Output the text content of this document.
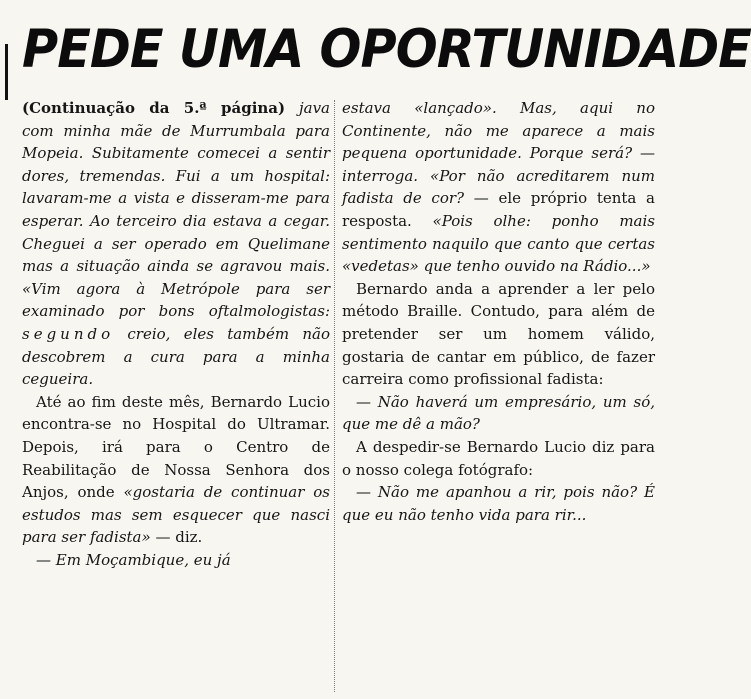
PEDE UMA OPORTUNIDADE

(Continuação da 5.ª página) java com minha mãe de Murrumbala para Mopeia. Subitamente comecei a sentir dores, tremendas. Fui a um hospital: lavaram-me a vista e disseram-me para esperar. Ao terceiro dia estava a cegar. Cheguei a ser operado em Quelimane mas a situação ainda se agravou mais. «Vim agora à Metrópole para ser examinado por bons oftalmologistas: segundo creio, eles também não descobrem a cura para a minha cegueira.

Até ao fim deste mês, Bernardo Lucio encontra-se no Hospital do Ultramar. Depois, irá para o Centro de Reabilitação de Nossa Senhora dos Anjos, onde «gostaria de continuar os estudos mas sem esquecer que nasci para ser fadista» — diz.

— Em Moçambique, eu já

estava «lançado». Mas, aqui no Continente, não me aparece a mais pequena oportunidade. Porque será? — interroga. «Por não acreditarem num fadista de cor? — ele próprio tenta a resposta. «Pois olhe: ponho mais sentimento naquilo que canto que certas «vedetas» que tenho ouvido na Rádio...»

Bernardo anda a aprender a ler pelo método Braille. Contudo, para além de pretender ser um homem válido, gostaria de cantar em público, de fazer carreira como profissional fadista:

— Não haverá um empresário, um só, que me dê a mão?

A despedir-se Bernardo Lucio diz para o nosso colega fotógrafo:

— Não me apanhou a rir, pois não? É que eu não tenho vida para rir...
